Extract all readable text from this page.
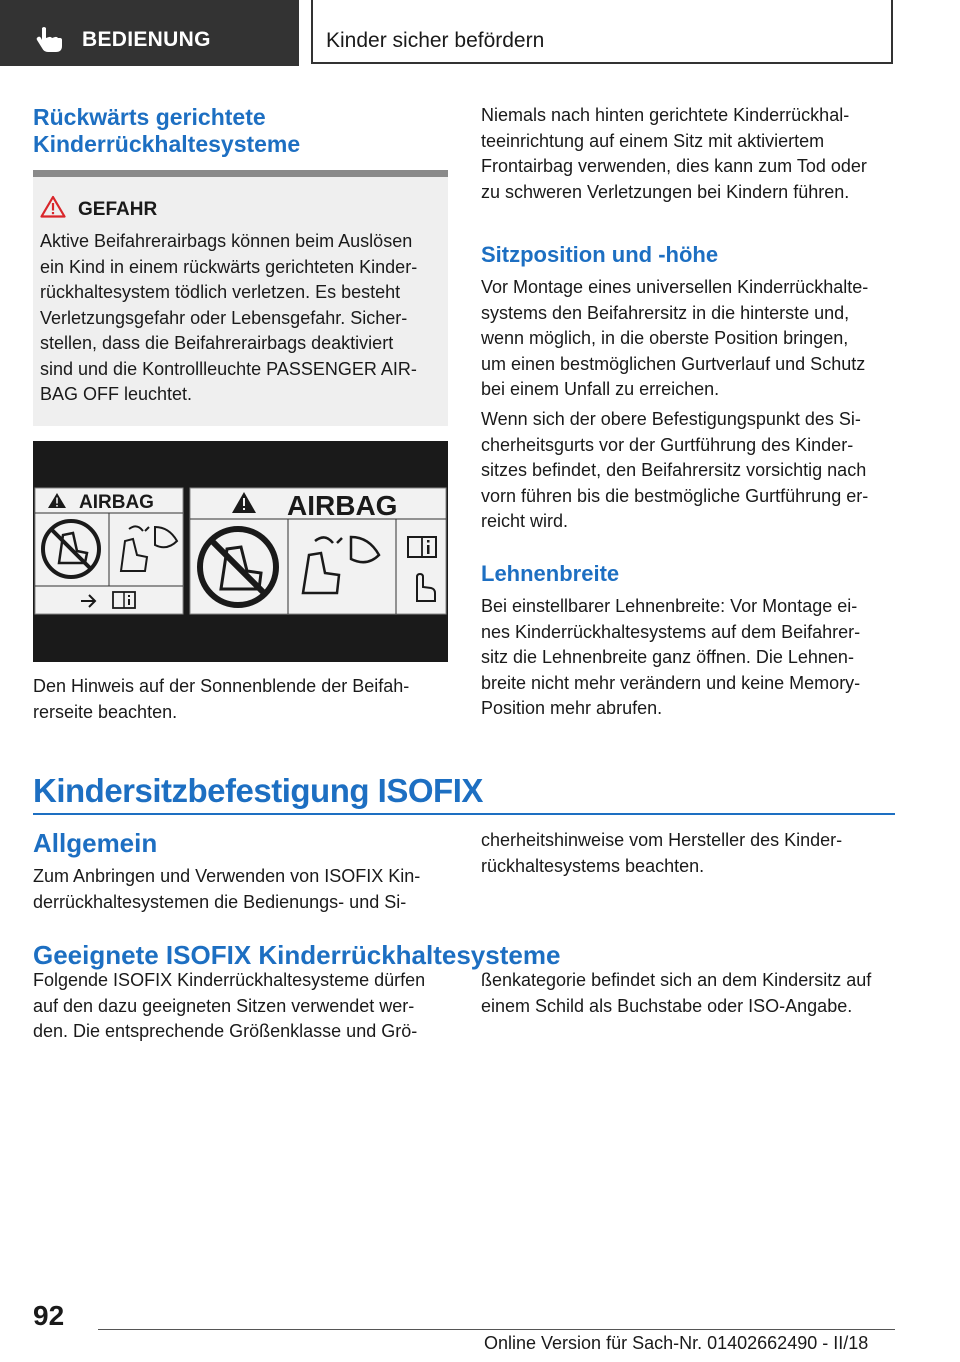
BEDIENUNG	Kinder sicher befördern
Rückwärts gerichtete
Kinderrückhaltesysteme
GEFAHR
Aktive Beifahrerairbags können beim Auslösen
ein Kind in einem rückwärts gerichteten Kinder-
rückhaltesystem tödlich verletzen. Es besteht
Verletzungsgefahr oder Lebensgefahr. Sicher-
stellen, dass die Beifahrerairbags deaktiviert
sind und die Kontrollleuchte PASSENGER AIR-
BAG OFF leuchtet.
AIRBAG	AIRBAG
Den Hinweis auf der Sonnenblende der Beifah-
rerseite beachten.
Niemals nach hinten gerichtete Kinderrückhal-
teeinrichtung auf einem Sitz mit aktiviertem
Frontairbag verwenden, dies kann zum Tod oder
zu schweren Verletzungen bei Kindern führen.
Sitzposition und -höhe
Vor Montage eines universellen Kinderrückhalte-
systems den Beifahrersitz in die hinterste und,
wenn möglich, in die oberste Position bringen,
um einen bestmöglichen Gurtverlauf und Schutz
bei einem Unfall zu erreichen.
Wenn sich der obere Befestigungspunkt des Si-
cherheitsgurts vor der Gurtführung des Kinder-
sitzes befindet, den Beifahrersitz vorsichtig nach
vorn führen bis die bestmögliche Gurtführung er-
reicht wird.
Lehnenbreite
Bei einstellbarer Lehnenbreite: Vor Montage ei-
nes Kinderrückhaltesystems auf dem Beifahrer-
sitz die Lehnenbreite ganz öffnen. Die Lehnen-
breite nicht mehr verändern und keine Memory-
Position mehr abrufen.
Kindersitzbefestigung ISOFIX
Allgemein
Zum Anbringen und Verwenden von ISOFIX Kin-
derrückhaltesystemen die Bedienungs- und Si-
cherheitshinweise vom Hersteller des Kinder-
rückhaltesystems beachten.
Geeignete ISOFIX Kinderrückhaltesysteme
Folgende ISOFIX Kinderrückhaltesysteme dürfen
auf den dazu geeigneten Sitzen verwendet wer-
den. Die entsprechende Größenklasse und Grö-
ßenkategorie befindet sich an dem Kindersitz auf
einem Schild als Buchstabe oder ISO-Angabe.
92
Online Version für Sach-Nr. 01402662490 - II/18
